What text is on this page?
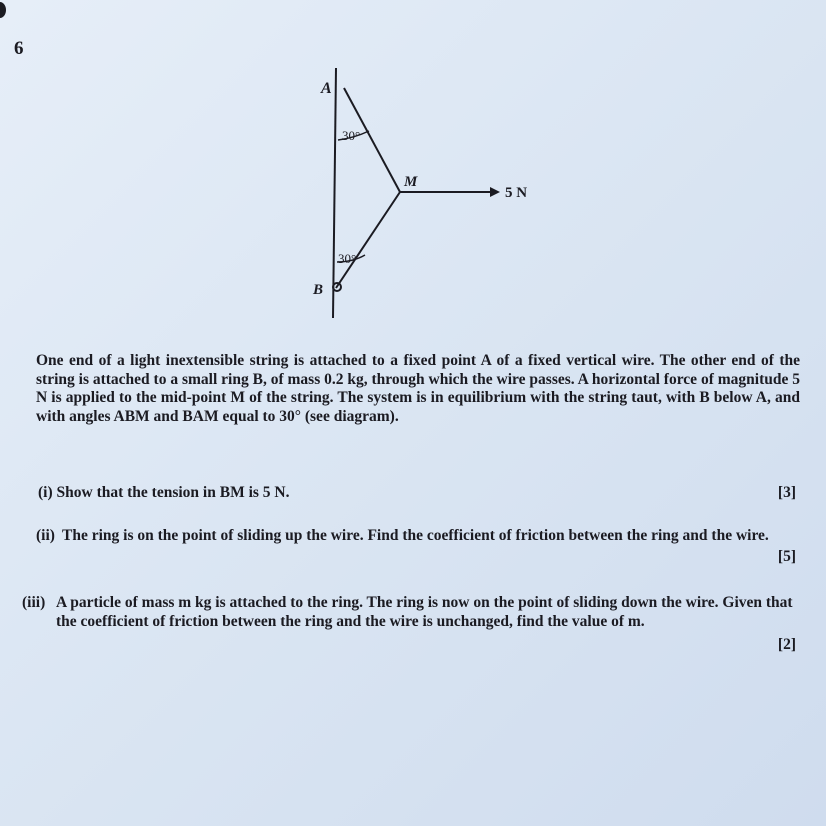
6
A
B
M
30°
30°
5 N
One end of a light inextensible string is attached to a fixed point A of a fixed vertical wire. The other end of the string is attached to a small ring B, of mass 0.2 kg, through which the wire passes. A horizontal force of magnitude 5 N is applied to the mid-point M of the string. The system is in equilibrium with the string taut, with B below A, and with angles ABM and BAM equal to 30° (see diagram).
(i) Show that the tension in BM is 5 N.	[3]
(ii) The ring is on the point of sliding up the wire. Find the coefficient of friction between the ring and the wire.
[5]
(iii) A particle of mass m kg is attached to the ring. The ring is now on the point of sliding down the wire. Given that the coefficient of friction between the ring and the wire is unchanged, find the value of m.
[2]
